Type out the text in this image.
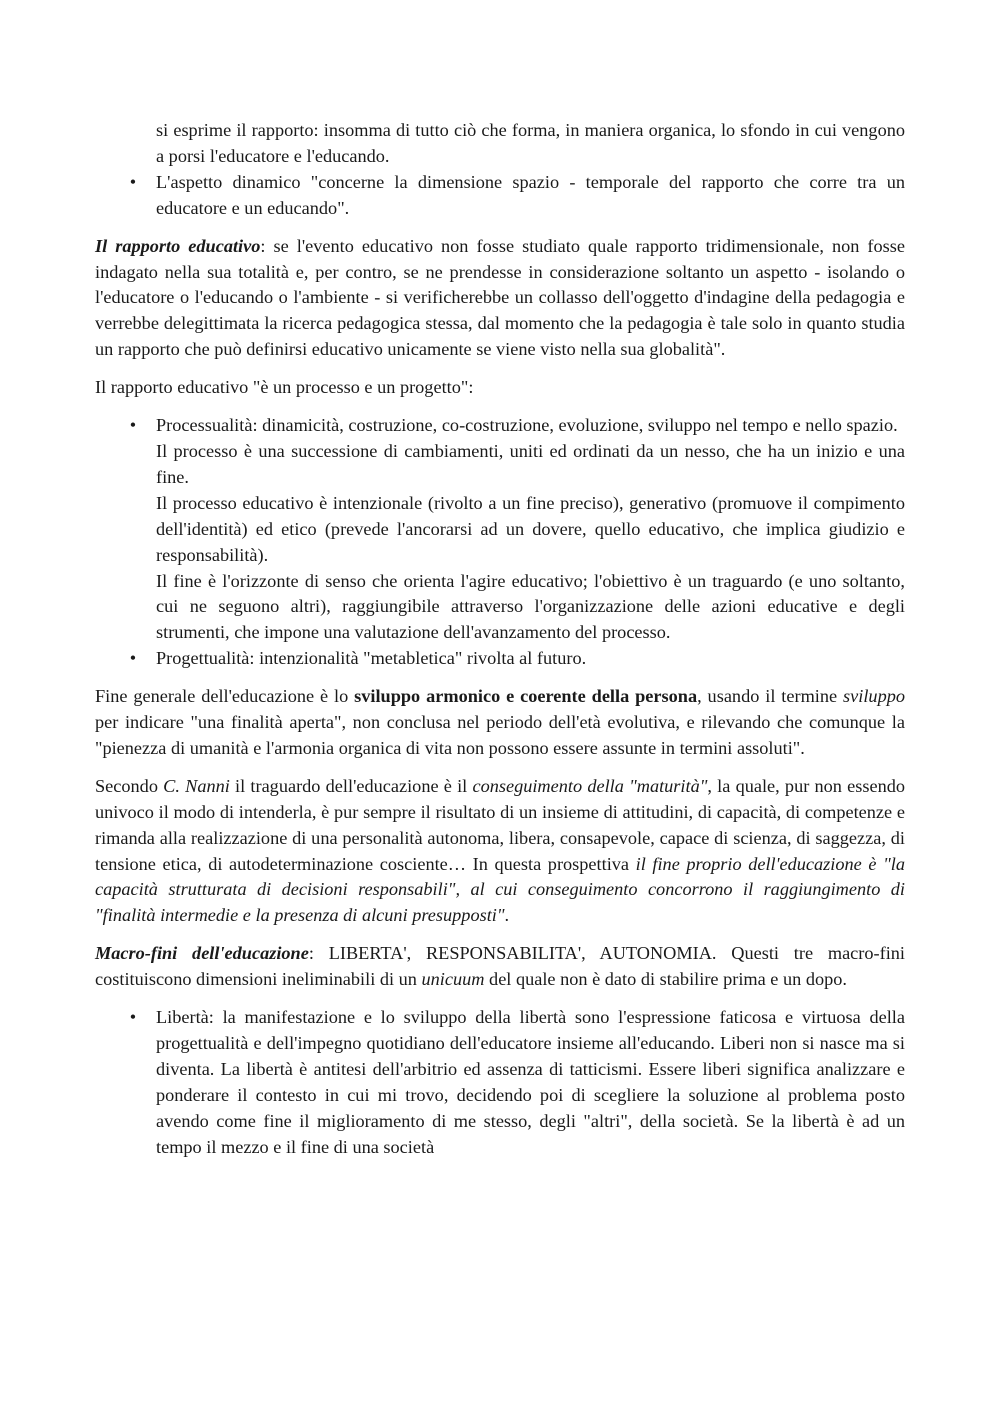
si esprime il rapporto: insomma di tutto ciò che forma, in maniera organica, lo sfondo in cui vengono a porsi l'educatore e l'educando.

• L'aspetto dinamico "concerne la dimensione spazio - temporale del rapporto che corre tra un educatore e un educando".

Il rapporto educativo: se l'evento educativo non fosse studiato quale rapporto tridimensionale, non fosse indagato nella sua totalità e, per contro, se ne prendesse in considerazione soltanto un aspetto - isolando o l'educatore o l'educando o l'ambiente - si verificherebbe un collasso dell'oggetto d'indagine della pedagogia e verrebbe delegittimata la ricerca pedagogica stessa, dal momento che la pedagogia è tale solo in quanto studia un rapporto che può definirsi educativo unicamente se viene visto nella sua globalità".

Il rapporto educativo "è un processo e un progetto":

• Processualità: dinamicità, costruzione, co-costruzione, evoluzione, sviluppo nel tempo e nello spazio.
Il processo è una successione di cambiamenti, uniti ed ordinati da un nesso, che ha un inizio e una fine.
Il processo educativo è intenzionale (rivolto a un fine preciso), generativo (promuove il compimento dell'identità) ed etico (prevede l'ancorarsi ad un dovere, quello educativo, che implica giudizio e responsabilità).
Il fine è l'orizzonte di senso che orienta l'agire educativo; l'obiettivo è un traguardo (e uno soltanto, cui ne seguono altri), raggiungibile attraverso l'organizzazione delle azioni educative e degli strumenti, che impone una valutazione dell'avanzamento del processo.
• Progettualità: intenzionalità "metabletica" rivolta al futuro.

Fine generale dell'educazione è lo sviluppo armonico e coerente della persona, usando il termine sviluppo per indicare "una finalità aperta", non conclusa nel periodo dell'età evolutiva, e rilevando che comunque la "pienezza di umanità e l'armonia organica di vita non possono essere assunte in termini assoluti".

Secondo C. Nanni il traguardo dell'educazione è il conseguimento della "maturità", la quale, pur non essendo univoco il modo di intenderla, è pur sempre il risultato di un insieme di attitudini, di capacità, di competenze e rimanda alla realizzazione di una personalità autonoma, libera, consapevole, capace di scienza, di saggezza, di tensione etica, di autodeterminazione cosciente… In questa prospettiva il fine proprio dell'educazione è "la capacità strutturata di decisioni responsabili", al cui conseguimento concorrono il raggiungimento di "finalità intermedie e la presenza di alcuni presupposti".

Macro-fini dell'educazione: LIBERTA', RESPONSABILITA', AUTONOMIA. Questi tre macro-fini costituiscono dimensioni ineliminabili di un unicuum del quale non è dato di stabilire prima e un dopo.

• Libertà: la manifestazione e lo sviluppo della libertà sono l'espressione faticosa e virtuosa della progettualità e dell'impegno quotidiano dell'educatore insieme all'educando. Liberi non si nasce ma si diventa. La libertà è antitesi dell'arbitrio ed assenza di tatticismi. Essere liberi significa analizzare e ponderare il contesto in cui mi trovo, decidendo poi di scegliere la soluzione al problema posto avendo come fine il miglioramento di me stesso, degli "altri", della società. Se la libertà è ad un tempo il mezzo e il fine di una società
